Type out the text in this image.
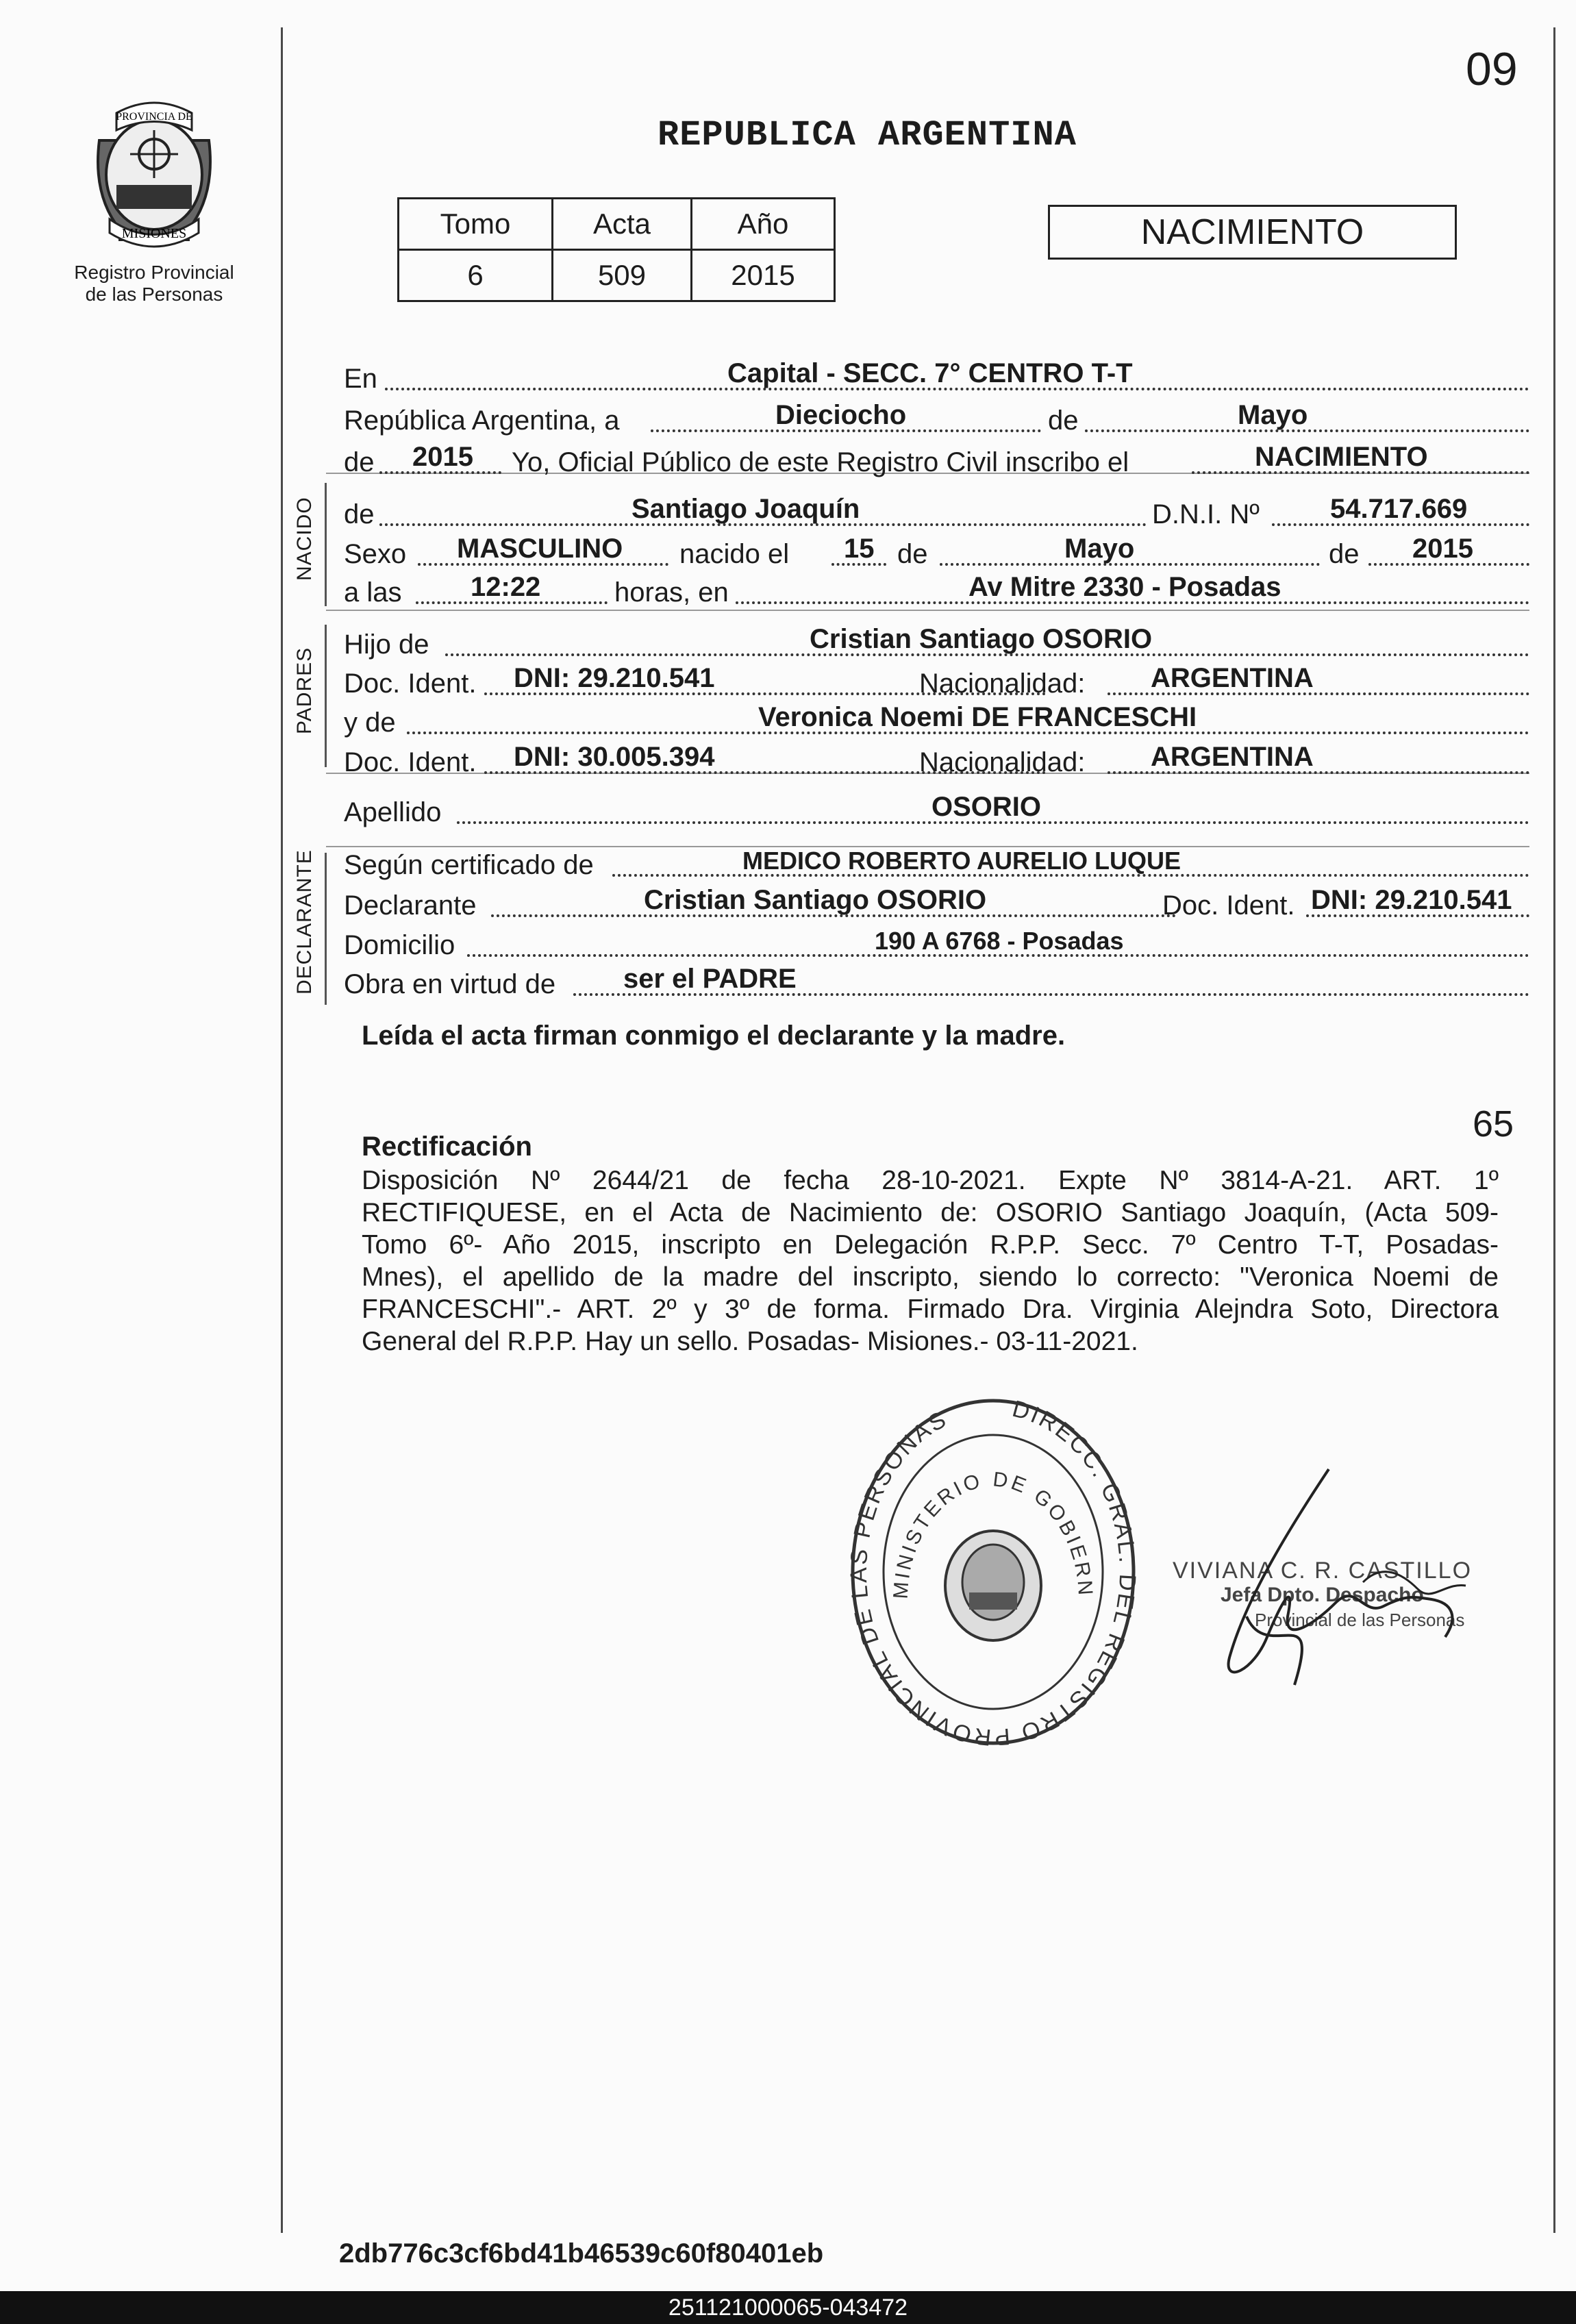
09
PROVINCIA DE
MISIONES
Registro Provincial
de las Personas
REPUBLICA ARGENTINA
Tomo	Acta	Año
6	509	2015
NACIMIENTO
NACIDO
PADRES
DECLARANTE
En	Capital - SECC. 7° CENTRO T-T
República Argentina, a	Dieciocho	de	Mayo
de 2015 Yo, Oficial Público de este Registro Civil inscribo el	NACIMIENTO
de	Santiago Joaquín	D.N.I. Nº	54.717.669
Sexo MASCULINO nacido el 15 de	Mayo	de 2015
a las	12:22	horas, en	Av Mitre 2330 - Posadas
Hijo de	Cristian Santiago OSORIO
Doc. Ident. DNI: 29.210.541	Nacionalidad: ARGENTINA
y de	Veronica Noemi DE FRANCESCHI
Doc. Ident. DNI: 30.005.394	Nacionalidad: ARGENTINA
Apellido	OSORIO
Según certificado de	MEDICO ROBERTO AURELIO LUQUE
Declarante	Cristian Santiago OSORIO	Doc. Ident. DNI: 29.210.541
Domicilio	190 A 6768 - Posadas
Obra en virtud de ser el PADRE
Leída el acta firman conmigo el declarante y la madre.
65
Rectificación
Disposición Nº 2644/21 de fecha 28-10-2021. Expte Nº 3814-A-21. ART. 1º
RECTIFIQUESE, en el Acta de Nacimiento de: OSORIO Santiago Joaquín, (Acta 509-
Tomo 6º- Año 2015, inscripto en Delegación R.P.P. Secc. 7º Centro T-T, Posadas-
Mnes), el apellido de la madre del inscripto, siendo lo correcto: "Veronica Noemi de
FRANCESCHI".- ART. 2º y 3º de forma. Firmado Dra. Virginia Alejndra Soto, Directora
General del R.P.P. Hay un sello. Posadas- Misiones.- 03-11-2021.
DIRECC. GRAL. DEL REGISTRO PROVINCIAL DE LAS PERSONAS
MINISTERIO DE GOBIERN
VIVIANA C. R. CASTILLO
Jefa Dpto. Despacho
Provincial de las Personas
2db776c3cf6bd41b46539c60f80401eb
251121000065-043472
